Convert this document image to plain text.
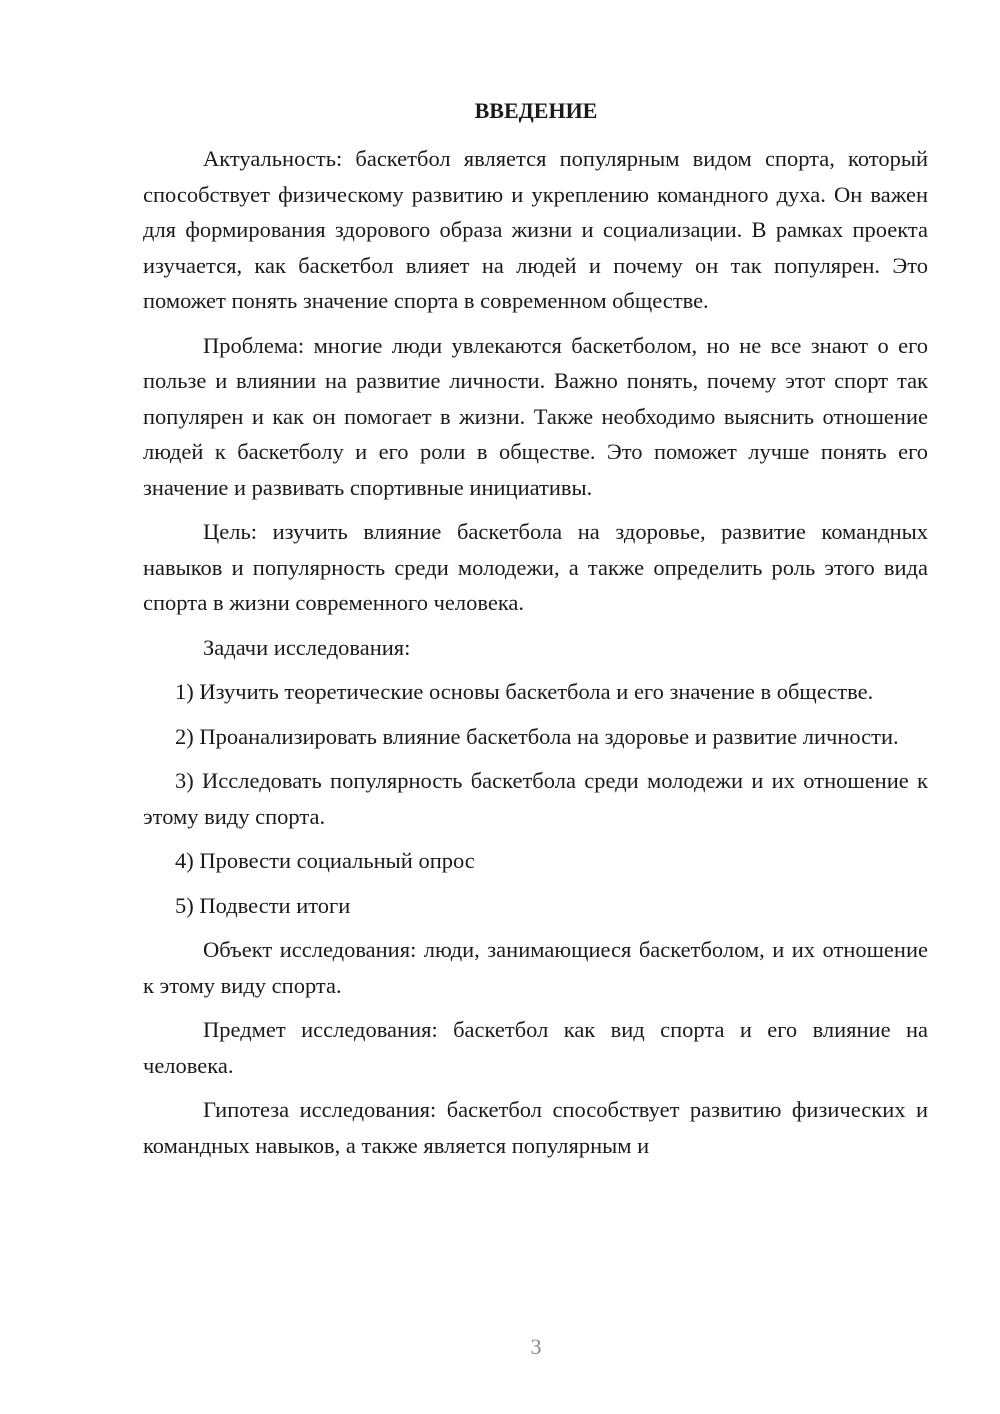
ВВЕДЕНИЕ

Актуальность: баскетбол является популярным видом спорта, который способствует физическому развитию и укреплению командного духа. Он важен для формирования здорового образа жизни и социализации. В рамках проекта изучается, как баскетбол влияет на людей и почему он так популярен. Это поможет понять значение спорта в современном обществе.

Проблема: многие люди увлекаются баскетболом, но не все знают о его пользе и влиянии на развитие личности. Важно понять, почему этот спорт так популярен и как он помогает в жизни. Также необходимо выяснить отношение людей к баскетболу и его роли в обществе. Это поможет лучше понять его значение и развивать спортивные инициативы.

Цель: изучить влияние баскетбола на здоровье, развитие командных навыков и популярность среди молодежи, а также определить роль этого вида спорта в жизни современного человека.

Задачи исследования:

1) Изучить теоретические основы баскетбола и его значение в обществе.

2) Проанализировать влияние баскетбола на здоровье и развитие личности.

3) Исследовать популярность баскетбола среди молодежи и их отношение к этому виду спорта.

4) Провести социальный опрос

5) Подвести итоги

Объект исследования: люди, занимающиеся баскетболом, и их отношение к этому виду спорта.

Предмет исследования: баскетбол как вид спорта и его влияние на человека.

Гипотеза исследования: баскетбол способствует развитию физических и командных навыков, а также является популярным и

3
